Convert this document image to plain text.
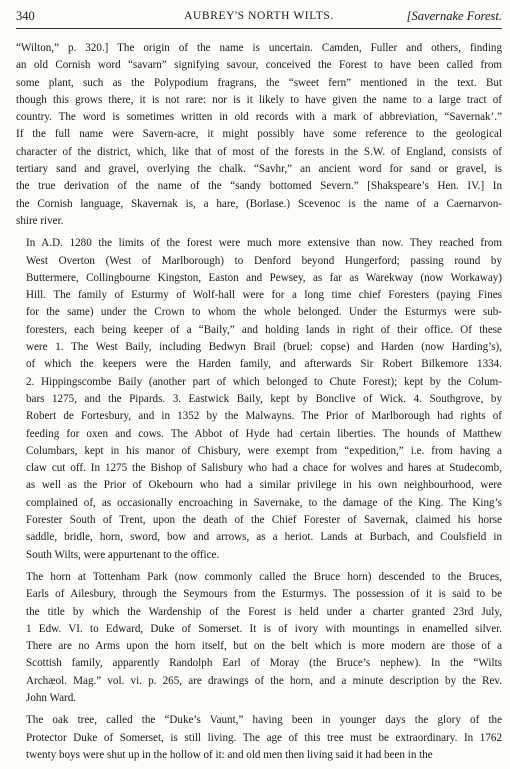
340	AUBREY'S NORTH WILTS.	[Savernake Forest.

“Wilton,” p. 320.] The origin of the name is uncertain. Camden, Fuller and others, finding
an old Cornish word “savarn” signifying savour, conceived the Forest to have been called from
some plant, such as the Polypodium fragrans, the “sweet fern” mentioned in the text. But
though this grows there, it is not rare: nor is it likely to have given the name to a large tract of
country. The word is sometimes written in old records with a mark of abbreviation, “Savernak’.”
If the full name were Savern-acre, it might possibly have some reference to the geological
character of the district, which, like that of most of the forests in the S.W. of England, consists of
tertiary sand and gravel, overlying the chalk. “Savhr,” an ancient word for sand or gravel, is
the true derivation of the name of the “sandy bottomed Severn.” [Shakspeare’s Hen. IV.] In
the Cornish language, Skavernak is, a hare, (Borlase.) Scevenoc is the name of a Caernarvon-
shire river.

In A.D. 1280 the limits of the forest were much more extensive than now. They reached from
West Overton (West of Marlborough) to Denford beyond Hungerford; passing round by
Buttermere, Collingbourne Kingston, Easton and Pewsey, as far as Warekway (now Workaway)
Hill. The family of Esturmy of Wolf-hall were for a long time chief Foresters (paying Fines
for the same) under the Crown to whom the whole belonged. Under the Esturmys were sub-
foresters, each being keeper of a “Baily,” and holding lands in right of their office. Of these
were 1. The West Baily, including Bedwyn Brail (bruel: copse) and Harden (now Harding’s),
of which the keepers were the Harden family, and afterwards Sir Robert Bilkemore 1334.
2. Hippingscombe Baily (another part of which belonged to Chute Forest); kept by the Colum-
bars 1275, and the Pipards. 3. Eastwick Baily, kept by Bonclive of Wick. 4. Southgrove, by
Robert de Fortesbury, and in 1352 by the Malwayns. The Prior of Marlborough had rights of
feeding for oxen and cows. The Abbot of Hyde had certain liberties. The hounds of Matthew
Columbars, kept in his manor of Chisbury, were exempt from “expedition,” i.e. from having a
claw cut off. In 1275 the Bishop of Salisbury who had a chace for wolves and hares at Studecomb,
as well as the Prior of Okebourn who had a similar privilege in his own neighbourhood, were
complained of, as occasionally encroaching in Savernake, to the damage of the King. The King’s
Forester South of Trent, upon the death of the Chief Forester of Savernak, claimed his horse
saddle, bridle, horn, sword, bow and arrows, as a heriot. Lands at Burbach, and Coulsfield in
South Wilts, were appurtenant to the office.

The horn at Tottenham Park (now commonly called the Bruce horn) descended to the Bruces,
Earls of Ailesbury, through the Seymours from the Esturmys. The possession of it is said to be
the title by which the Wardenship of the Forest is held under a charter granted 23rd July,
1 Edw. VI. to Edward, Duke of Somerset. It is of ivory with mountings in enamelled silver.
There are no Arms upon the horn itself, but on the belt which is more modern are those of a
Scottish family, apparently Randolph Earl of Moray (the Bruce’s nephew). In the “Wilts
Archæol. Mag.” vol. vi. p. 265, are drawings of the horn, and a minute description by the Rev.
John Ward.

The oak tree, called the “Duke’s Vaunt,” having been in younger days the glory of the
Protector Duke of Somerset, is still living. The age of this tree must be extraordinary. In 1762
twenty boys were shut up in the hollow of it: and old men then living said it had been in the
